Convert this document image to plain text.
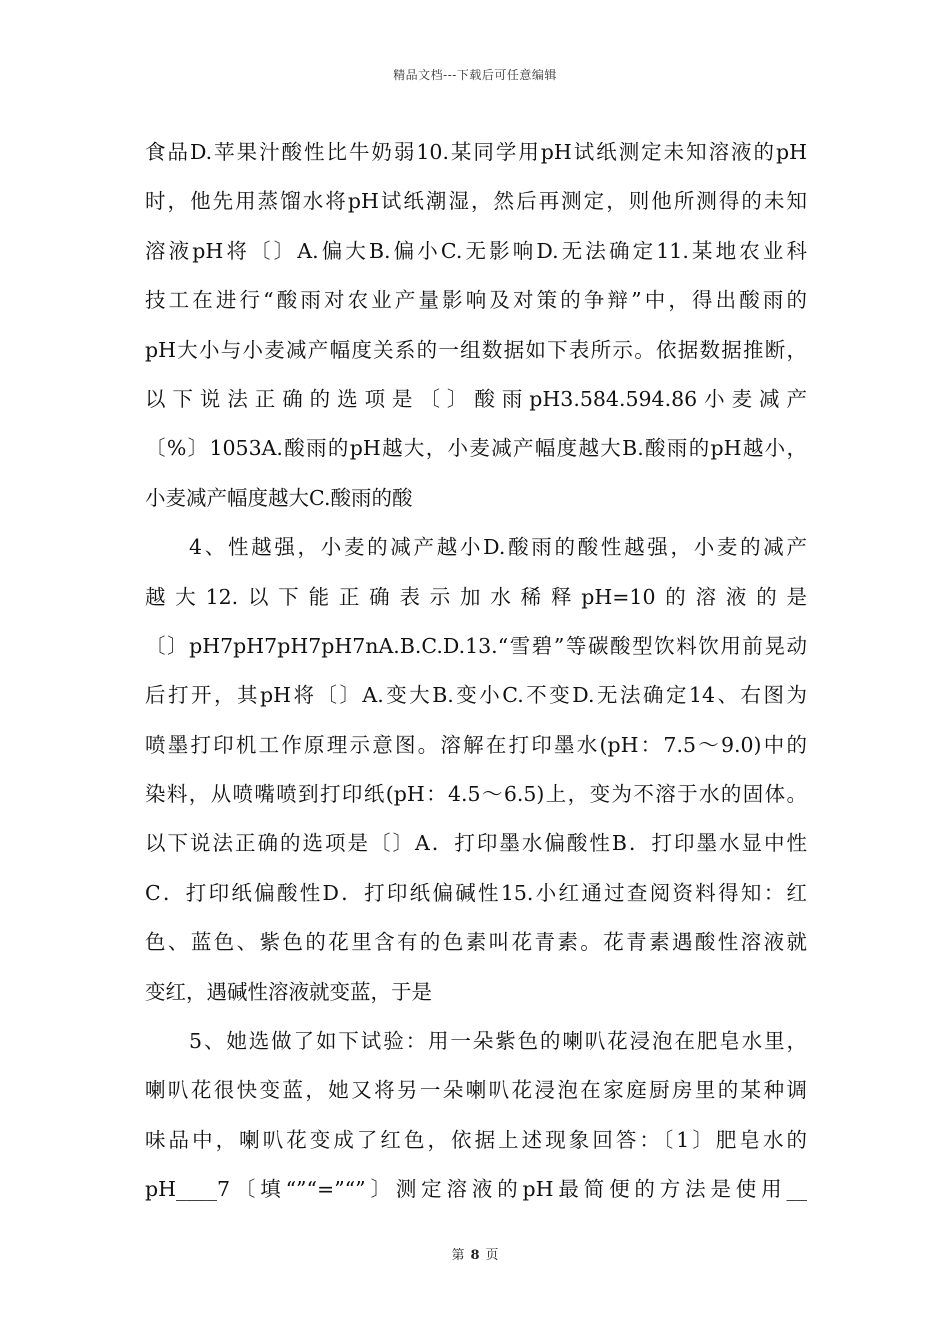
精品文档---下载后可任意编辑
食品D.苹果汁酸性比牛奶弱10.某同学用pH试纸测定未知溶液的pH
时，他先用蒸馏水将pH试纸潮湿，然后再测定，则他所测得的未知
溶液pH将〔〕A.偏大B.偏小C.无影响D.无法确定11.某地农业科
技工在进行“酸雨对农业产量影响及对策的争辩”中，得出酸雨的
pH大小与小麦减产幅度关系的一组数据如下表所示。依据数据推断，
以下说法正确的选项是〔〕酸雨pH3.584.594.86小麦减产
〔%〕1053A.酸雨的pH越大，小麦减产幅度越大B.酸雨的pH越小，
小麦减产幅度越大C.酸雨的酸
4、性越强，小麦的减产越小D.酸雨的酸性越强，小麦的减产
越大12.以下能正确表示加水稀释pH=10的溶液的是
〔〕pH7pH7pH7pH7nA.B.C.D.13.“雪碧”等碳酸型饮料饮用前晃动
后打开，其pH将〔〕A.变大B.变小C.不变D.无法确定14、右图为
喷墨打印机工作原理示意图。溶解在打印墨水(pH：7.5～9.0)中的
染料，从喷嘴喷到打印纸(pH：4.5～6.5)上，变为不溶于水的固体。
以下说法正确的选项是〔〕A．打印墨水偏酸性B．打印墨水显中性
C．打印纸偏酸性D．打印纸偏碱性15.小红通过查阅资料得知：红
色、蓝色、紫色的花里含有的色素叫花青素。花青素遇酸性溶液就
变红，遇碱性溶液就变蓝，于是
5、她选做了如下试验：用一朵紫色的喇叭花浸泡在肥皂水里，
喇叭花很快变蓝，她又将另一朵喇叭花浸泡在家庭厨房里的某种调
味品中，喇叭花变成了红色，依据上述现象回答：〔1〕肥皂水的
pH____7〔填“”“=”“”〕测定溶液的pH最简便的方法是使用__
第 8 页
